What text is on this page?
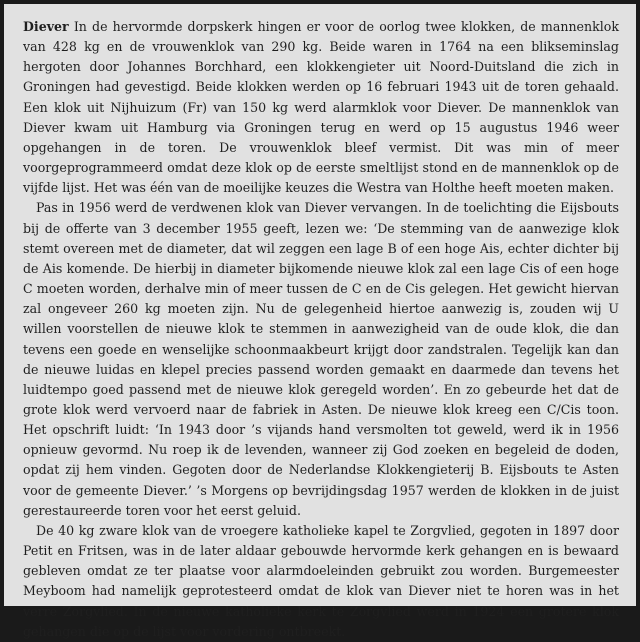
Diever In de hervormde dorpskerk hingen er voor de oorlog twee klokken, de mannenklok van 428 kg en de vrouwenklok van 290 kg. Beide waren in 1764 na een blikseminslag hergoten door Johannes Borchhard, een klokkengieter uit Noord-Duitsland die zich in Groningen had gevestigd. Beide klokken werden op 16 februari 1943 uit de toren gehaald. Een klok uit Nijhuizum (Fr) van 150 kg werd alarmklok voor Diever. De mannenklok van Diever kwam uit Hamburg via Groningen terug en werd op 15 augustus 1946 weer opgehangen in de toren. De vrouwenklok bleef vermist. Dit was min of meer voorgeprogrammeerd omdat deze klok op de eerste smeltlijst stond en de mannenklok op de vijfde lijst. Het was één van de moeilijke keuzes die Westra van Holthe heeft moeten maken.

Pas in 1956 werd de verdwenen klok van Diever vervangen. In de toelichting die Eijsbouts bij de offerte van 3 december 1955 geeft, lezen we: ‘De stemming van de aanwezige klok stemt overeen met de diameter, dat wil zeggen een lage B of een hoge Ais, echter dichter bij de Ais komende. De hierbij in diameter bijkomende nieuwe klok zal een lage Cis of een hoge C moeten worden, derhalve min of meer tussen de C en de Cis gelegen. Het gewicht hiervan zal ongeveer 260 kg moeten zijn. Nu de gelegenheid hiertoe aanwezig is, zouden wij U willen voorstellen de nieuwe klok te stemmen in aanwezigheid van de oude klok, die dan tevens een goede en wenselijke schoonmaakbeurt krijgt door zandstralen. Tegelijk kan dan de nieuwe luidas en klepel precies passend worden gemaakt en daarmede dan tevens het luidtempo goed passend met de nieuwe klok geregeld worden’. En zo gebeurde het dat de grote klok werd vervoerd naar de fabriek in Asten. De nieuwe klok kreeg een C/Cis toon. Het opschrift luidt: ‘In 1943 door ’s vijands hand versmolten tot geweld, werd ik in 1956 opnieuw gevormd. Nu roep ik de levenden, wanneer zij God zoeken en begeleid de doden, opdat zij hem vinden. Gegoten door de Nederlandse Klokkengieterij B. Eijsbouts te Asten voor de gemeente Diever.’ ’s Morgens op bevrijdingsdag 1957 werden de klokken in de juist gerestaureerde toren voor het eerst geluid.

De 40 kg zware klok van de vroegere katholieke kapel te Zorgvlied, gegoten in 1897 door Petit en Fritsen, was in de later aldaar gebouwde hervormde kerk gehangen en is bewaard gebleven omdat ze ter plaatse voor alarmdoeleinden gebruikt zou worden. Burgemeester Meyboom had namelijk geprotesteerd omdat de klok van Diever niet te horen was in het verre Zorgvlied. In de nieuwe katholieke kerk te Zorgvlied werd in 1924 een grotere klok gehangen die op de lijst voor vordering ontbreekt.
